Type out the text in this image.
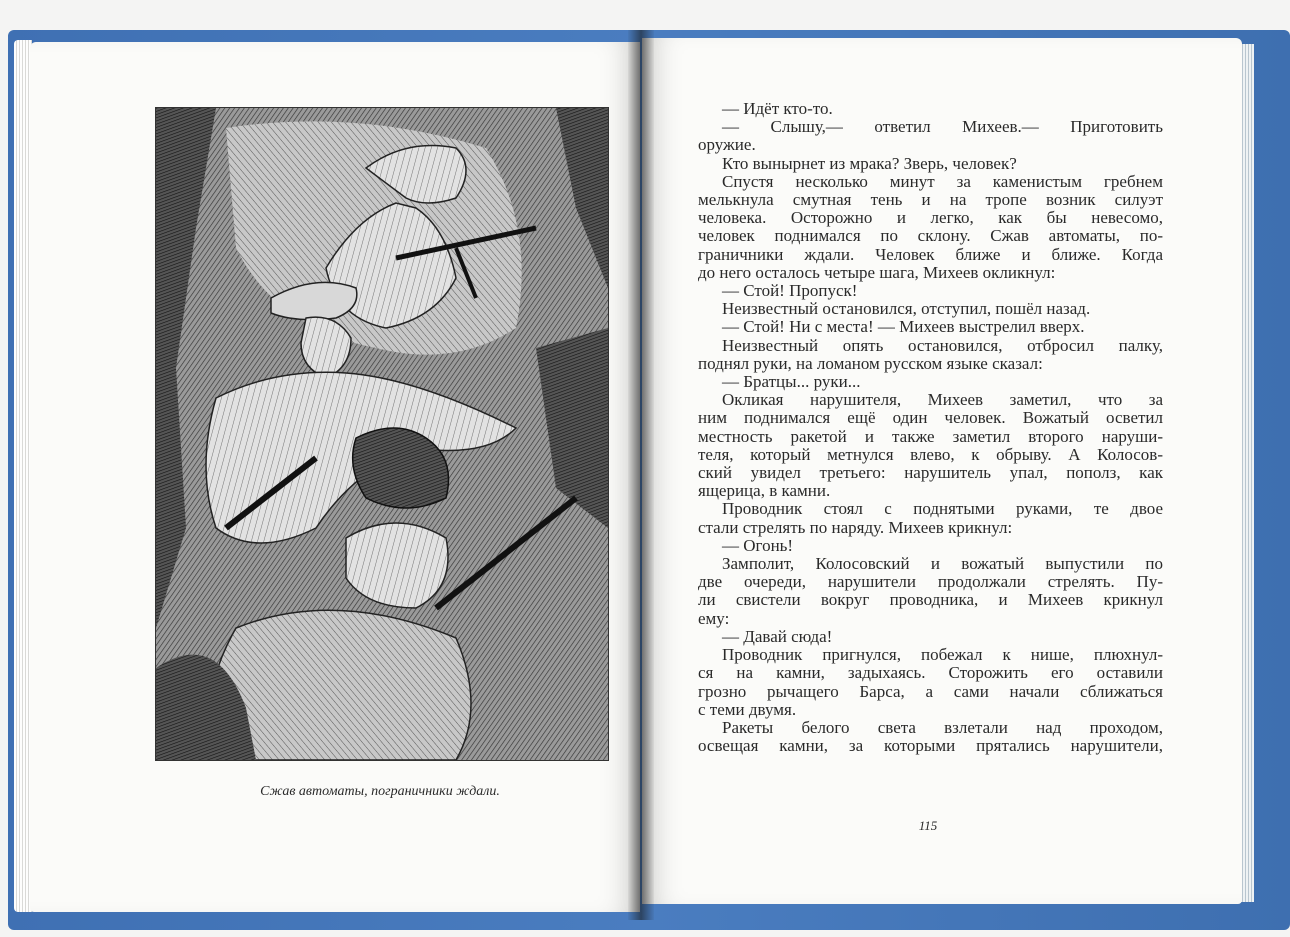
Сжав автоматы, пограничники ждали.
— Идёт кто-то.
— Слышу,— ответил Михеев.— Приготовить
оружие.
Кто вынырнет из мрака? Зверь, человек?
Спустя несколько минут за каменистым гребнем
мелькнула смутная тень и на тропе возник силуэт
человека. Осторожно и легко, как бы невесомо,
человек поднимался по склону. Сжав автоматы, по-
граничники ждали. Человек ближе и ближе. Когда
до него осталось четыре шага, Михеев окликнул:
— Стой! Пропуск!
Неизвестный остановился, отступил, пошёл назад.
— Стой! Ни с места! — Михеев выстрелил вверх.
Неизвестный опять остановился, отбросил палку,
поднял руки, на ломаном русском языке сказал:
— Братцы... руки...
Окликая нарушителя, Михеев заметил, что за
ним поднимался ещё один человек. Вожатый осветил
местность ракетой и также заметил второго наруши-
теля, который метнулся влево, к обрыву. А Колосов-
ский увидел третьего: нарушитель упал, пополз, как
ящерица, в камни.
Проводник стоял с поднятыми руками, те двое
стали стрелять по наряду. Михеев крикнул:
— Огонь!
Замполит, Колосовский и вожатый выпустили по
две очереди, нарушители продолжали стрелять. Пу-
ли свистели вокруг проводника, и Михеев крикнул
ему:
— Давай сюда!
Проводник пригнулся, побежал к нише, плюхнул-
ся на камни, задыхаясь. Сторожить его оставили
грозно рычащего Барса, а сами начали сближаться
с теми двумя.
Ракеты белого света взлетали над проходом,
освещая камни, за которыми прятались нарушители,
115
